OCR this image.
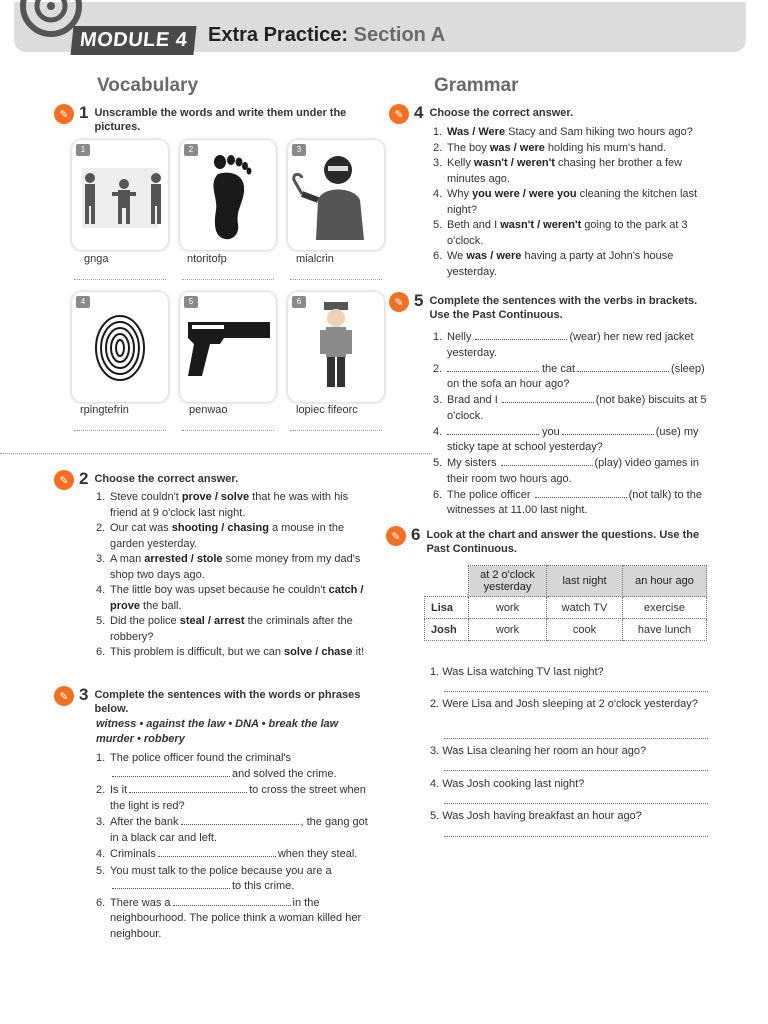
MODULE 4 Extra Practice: Section A
Vocabulary	Grammar
✎ 1 Unscramble the words and write them under the pictures.
1	2	3
gnga	ntoritofp	mialcrin
4	5	6
rpingtefrin	penwao	lopiec fifeorc
✎ 2 Choose the correct answer.
1. Steve couldn't prove / solve that he was with his friend at 9 o'clock last night.
2. Our cat was shooting / chasing a mouse in the garden yesterday.
3. A man arrested / stole some money from my dad's shop two days ago.
4. The little boy was upset because he couldn't catch / prove the ball.
5. Did the police steal / arrest the criminals after the robbery?
6. This problem is difficult, but we can solve / chase it!
✎ 3 Complete the sentences with the words or phrases below.
witness • against the law • DNA • break the law murder • robbery
1. The police officer found the criminal'sand solved the crime.
2. Is it	to cross the street when the light is red?
3. After the bank	, the gang got in a black car and left.
4. Criminals	when they steal.
5. You must talk to the police because you are ato this crime.
6. There was a	in the neighbourhood. The police think a woman killed her neighbour.
✎ 4 Choose the correct answer.
1. Was / Were Stacy and Sam hiking two hours ago?
2. The boy was / were holding his mum's hand.
3. Kelly wasn't / weren't chasing her brother a few minutes ago.
4. Why you were / were you cleaning the kitchen last night?
5. Beth and I wasn't / weren't going to the park at 3 o'clock.
6. We was / were having a party at John's house yesterday.
✎ 5 Complete the sentences with the verbs in brackets. Use the Past Continuous.
1. Nelly	(wear) her new red jacket yesterday.
2.	the cat	(sleep) on the sofa an hour ago?
3. Brad and I	(not bake) biscuits at 5 o'clock.
4.	you	(use) my sticky tape at school yesterday?
5. My sisters	(play) video games in their room two hours ago.
6. The police officer	(not talk) to the witnesses at 11.00 last night.
✎ 6 Look at the chart and answer the questions. Use the Past Continuous.
	at 2 o'clock yesterday	last night	an hour ago
Lisa	work	watch TV	exercise
Josh	work	cook	have lunch
1. Was Lisa watching TV last night?
2. Were Lisa and Josh sleeping at 2 o'clock yesterday?
3. Was Lisa cleaning her room an hour ago?
4. Was Josh cooking last night?
5. Was Josh having breakfast an hour ago?
